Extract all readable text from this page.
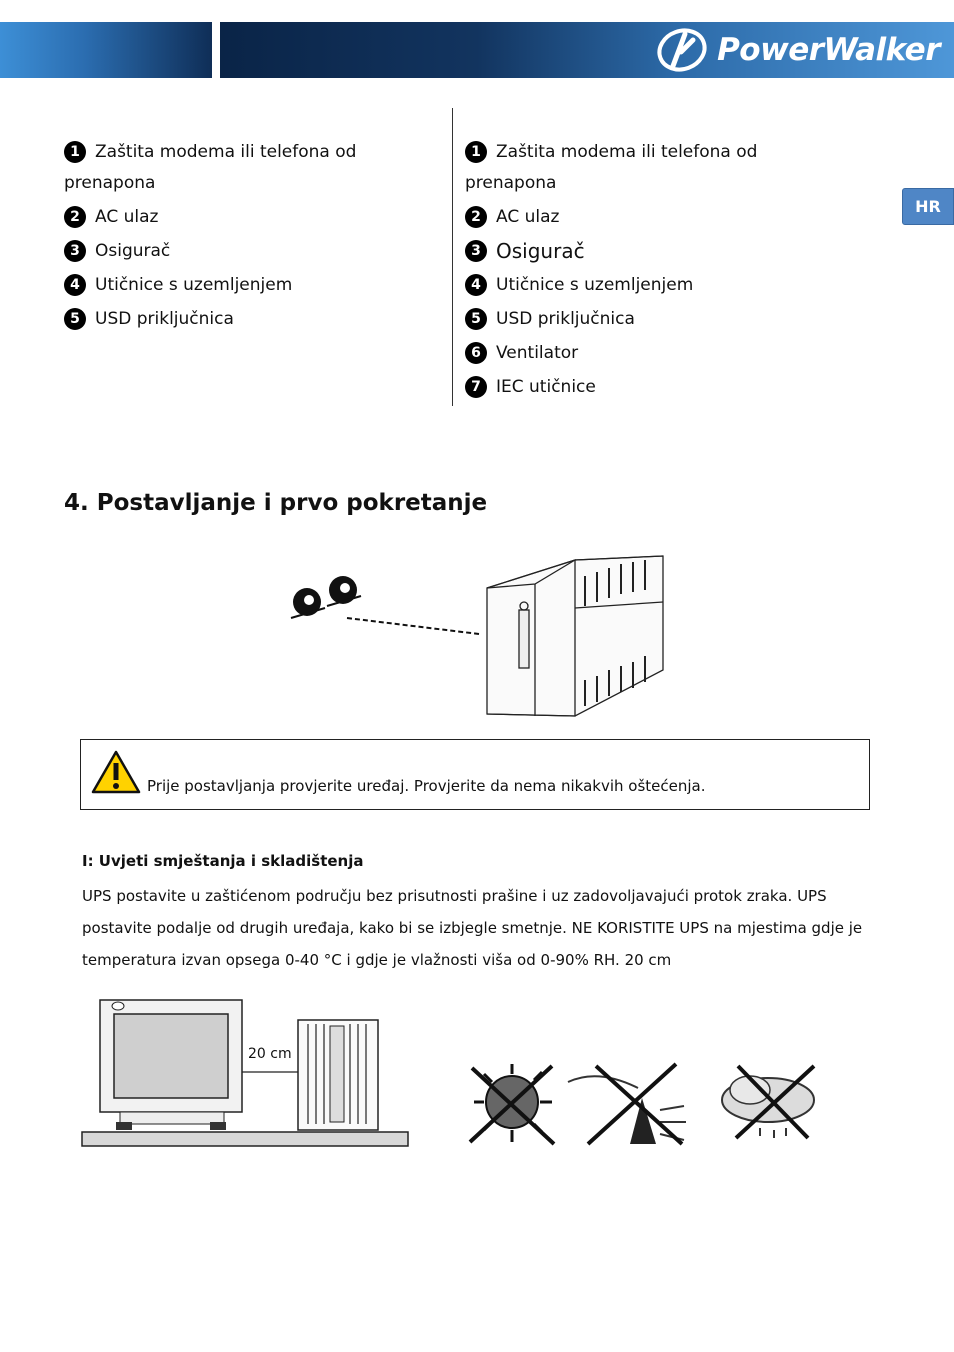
PowerWalker
HR
1 Zaštita modema ili telefona od
prenapona
2 AC ulaz
3 Osigurač
4 Utičnice s uzemljenjem
5 USD priključnica
1 Zaštita modema ili telefona od
prenapona
2 AC ulaz
3 Osigurač
4 Utičnice s uzemljenjem
5 USD priključnica
6 Ventilator
7 IEC utičnice
4. Postavljanje i prvo pokretanje
Prije postavljanja provjerite uređaj. Provjerite da nema nikakvih oštećenja.
I: Uvjeti smještanja i skladištenja

UPS postavite u zaštićenom području bez prisutnosti prašine i uz zadovoljavajući protok zraka. UPS postavite podalje od drugih uređaja, kako bi se izbjegle smetnje. NE KORISTITE UPS na mjestima gdje je temperatura izvan opsega 0-40 °C i gdje je vlažnosti viša od 0-90% RH. 20 cm

20 cm
